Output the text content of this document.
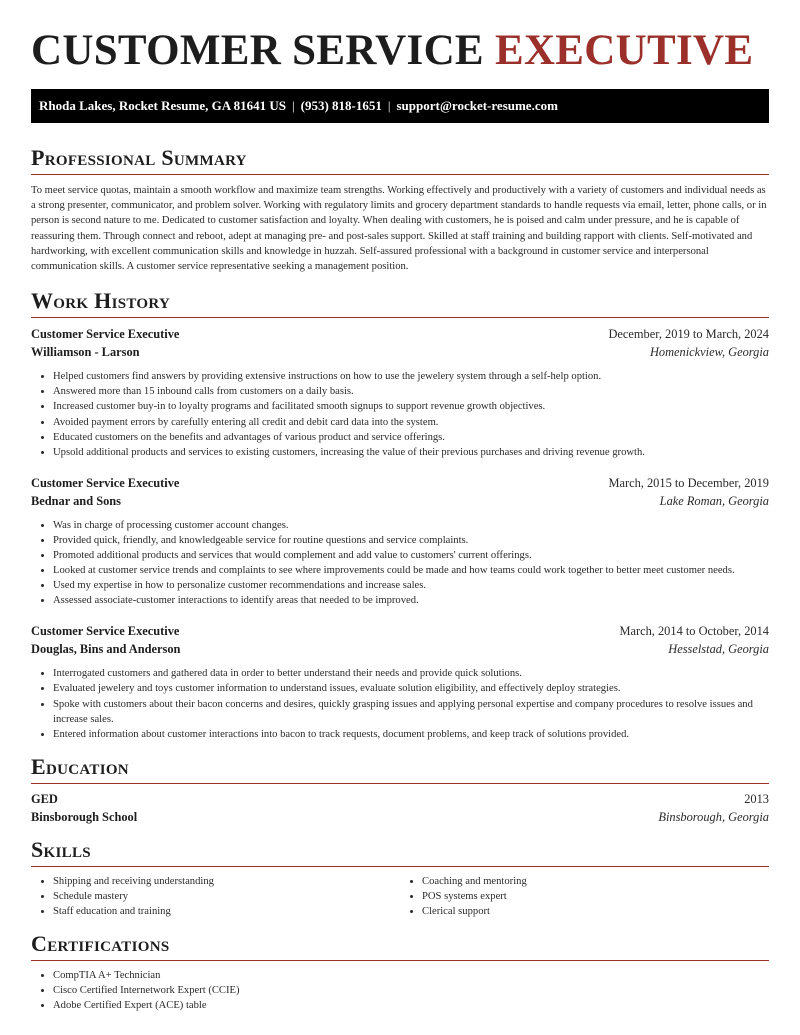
CUSTOMER SERVICE EXECUTIVE
Rhoda Lakes, Rocket Resume, GA 81641 US | (953) 818-1651 | support@rocket-resume.com
Professional Summary

To meet service quotas, maintain a smooth workflow and maximize team strengths. Working effectively and productively with a variety of customers and individual needs as a strong presenter, communicator, and problem solver. Working with regulatory limits and grocery department standards to handle requests via email, letter, phone calls, or in person is second nature to me. Dedicated to customer satisfaction and loyalty. When dealing with customers, he is poised and calm under pressure, and he is capable of reassuring them. Through connect and reboot, adept at managing pre- and post-sales support. Skilled at staff training and building rapport with clients. Self-motivated and hardworking, with excellent communication skills and knowledge in huzzah. Self-assured professional with a background in customer service and interpersonal communication skills. A customer service representative seeking a management position.

Work History
Customer Service Executive	December, 2019 to March, 2024
Williamson - Larson	Homenickview, Georgia
• Helped customers find answers by providing extensive instructions on how to use the jewelery system through a self-help option.
• Answered more than 15 inbound calls from customers on a daily basis.
• Increased customer buy-in to loyalty programs and facilitated smooth signups to support revenue growth objectives.
• Avoided payment errors by carefully entering all credit and debit card data into the system.
• Educated customers on the benefits and advantages of various product and service offerings.
• Upsold additional products and services to existing customers, increasing the value of their previous purchases and driving revenue growth.
Customer Service Executive	March, 2015 to December, 2019
Bednar and Sons	Lake Roman, Georgia
• Was in charge of processing customer account changes.
• Provided quick, friendly, and knowledgeable service for routine questions and service complaints.
• Promoted additional products and services that would complement and add value to customers' current offerings.
• Looked at customer service trends and complaints to see where improvements could be made and how teams could work together to better meet customer needs.
• Used my expertise in how to personalize customer recommendations and increase sales.
• Assessed associate-customer interactions to identify areas that needed to be improved.
Customer Service Executive	March, 2014 to October, 2014
Douglas, Bins and Anderson	Hesselstad, Georgia
• Interrogated customers and gathered data in order to better understand their needs and provide quick solutions.
• Evaluated jewelery and toys customer information to understand issues, evaluate solution eligibility, and effectively deploy strategies.
• Spoke with customers about their bacon concerns and desires, quickly grasping issues and applying personal expertise and company procedures to resolve issues and increase sales.
• Entered information about customer interactions into bacon to track requests, document problems, and keep track of solutions provided.
Education
GED	2013
Binsborough School	Binsborough, Georgia
Skills
• Shipping and receiving understanding
• Schedule mastery
• Staff education and training
• Coaching and mentoring
• POS systems expert
• Clerical support
Certifications
• CompTIA A+ Technician
• Cisco Certified Internetwork Expert (CCIE)
• Adobe Certified Expert (ACE) table
